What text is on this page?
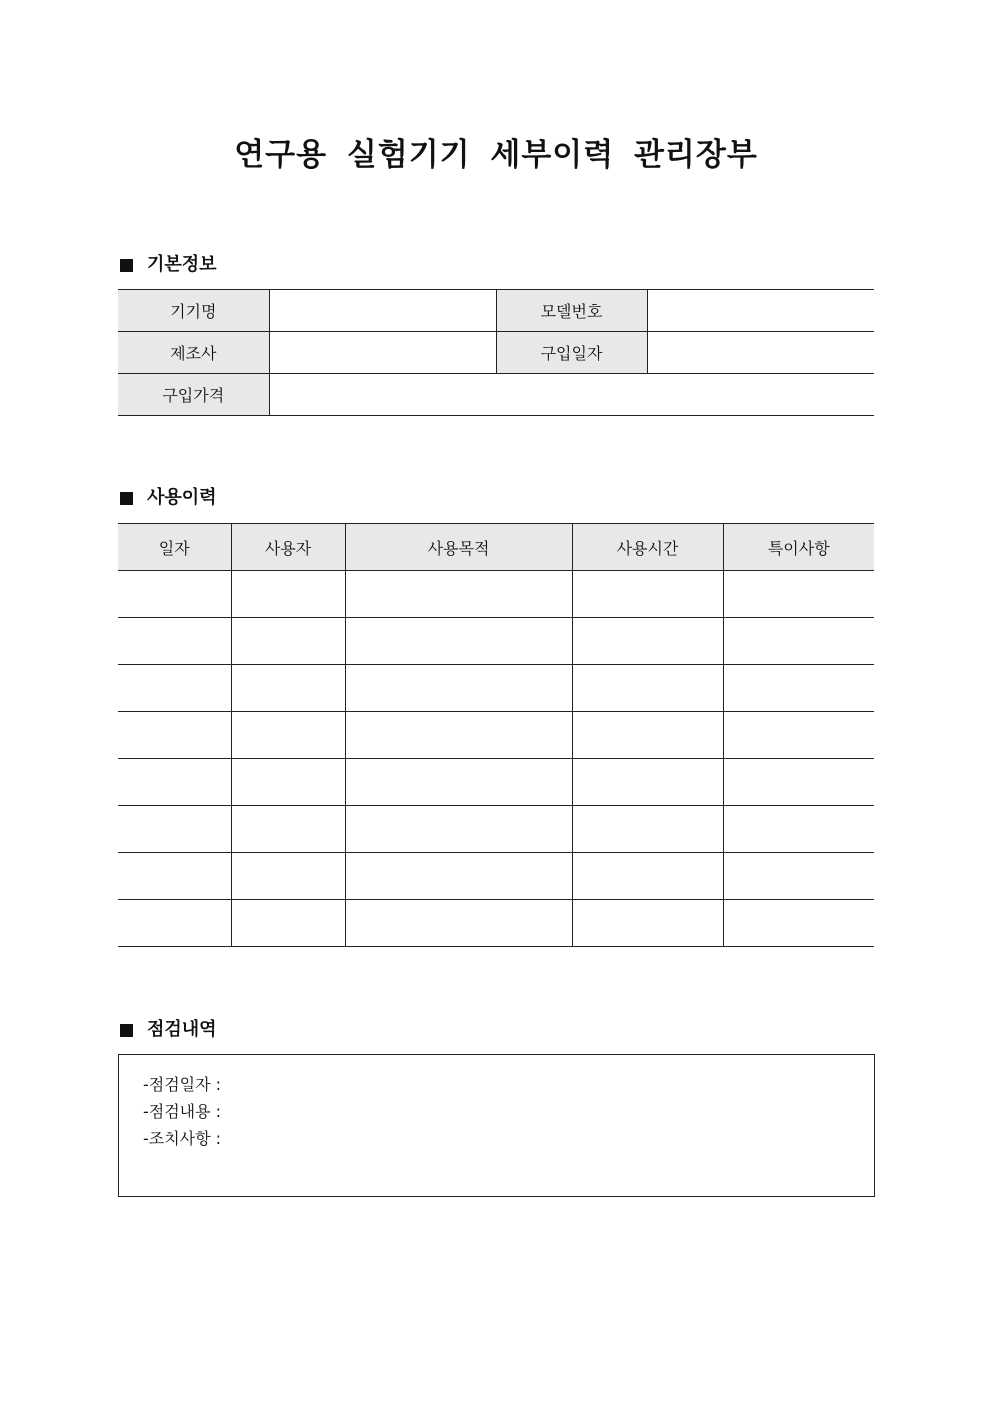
연구용 실험기기 세부이력 관리장부
기본정보
기기명		모델번호	
제조사		구입일자	
구입가격			
사용이력
일자	사용자	사용목적	사용시간	특이사항

점검내역
-점검일자 :
-점검내용 :
-조치사항 :
